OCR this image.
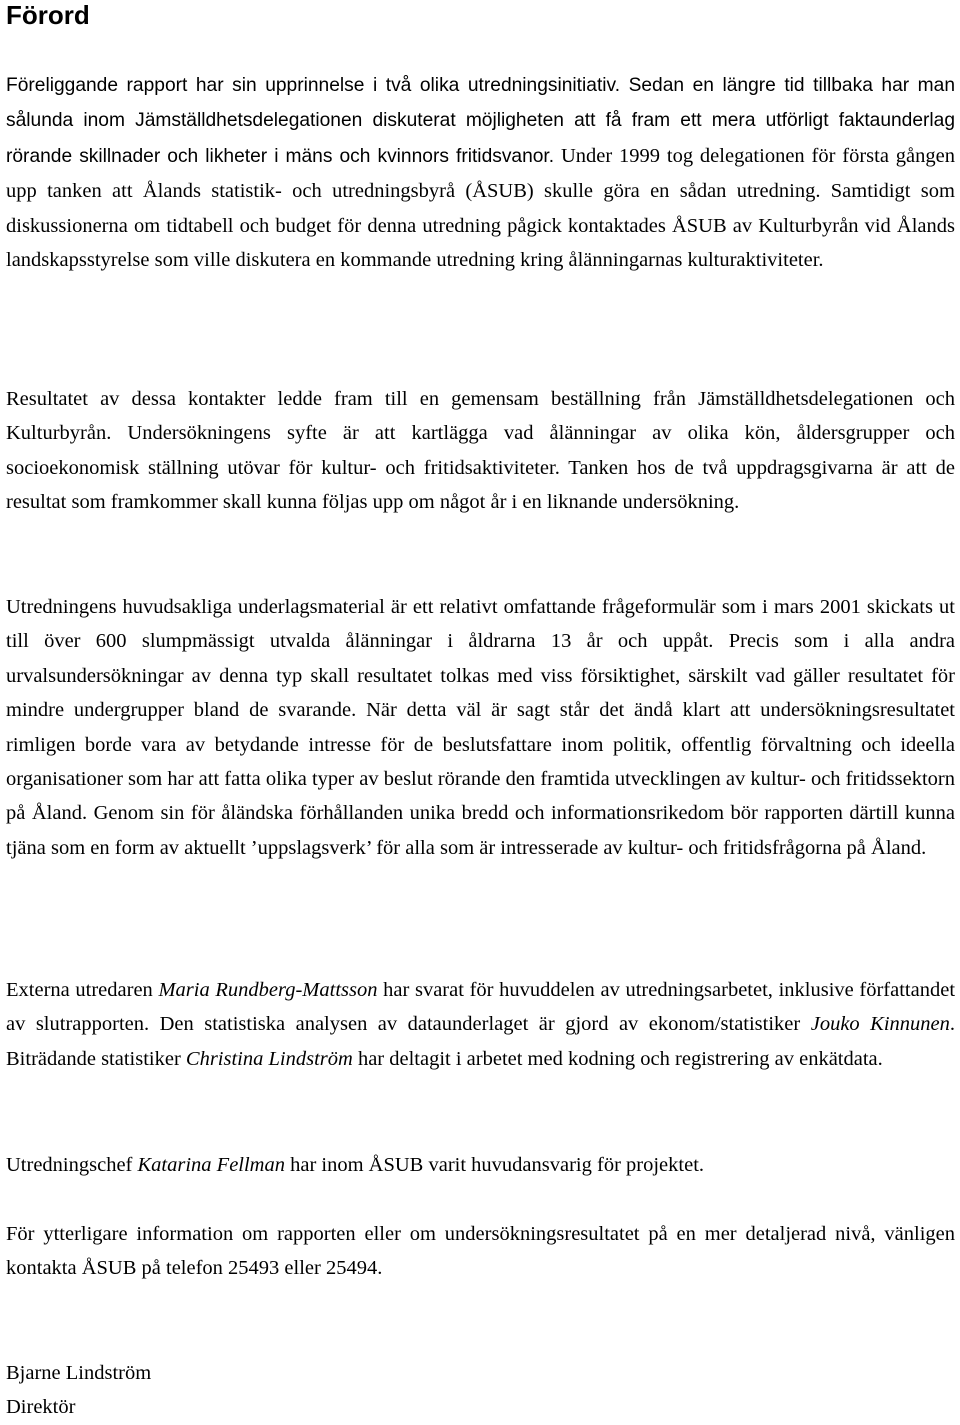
Förord

Föreliggande rapport har sin upprinnelse i två olika utredningsinitiativ. Sedan en längre tid tillbaka har man sålunda inom Jämställdhetsdelegationen diskuterat möjligheten att få fram ett mera utförligt faktaunderlag rörande skillnader och likheter i mäns och kvinnors fritidsvanor. Under 1999 tog delegationen för första gången upp tanken att Ålands statistik- och utredningsbyrå (ÅSUB) skulle göra en sådan utredning. Samtidigt som diskussionerna om tidtabell och budget för denna utredning pågick kontaktades ÅSUB av Kulturbyrån vid Ålands landskapsstyrelse som ville diskutera en kommande utredning kring ålänningarnas kulturaktiviteter.

Resultatet av dessa kontakter ledde fram till en gemensam beställning från Jämställdhetsdelegationen och Kulturbyrån. Undersökningens syfte är att kartlägga vad ålänningar av olika kön, åldersgrupper och socioekonomisk ställning utövar för kultur- och fritidsaktiviteter. Tanken hos de två uppdragsgivarna är att de resultat som framkommer skall kunna följas upp om något år i en liknande undersökning.

Utredningens huvudsakliga underlagsmaterial är ett relativt omfattande frågeformulär som i mars 2001 skickats ut till över 600 slumpmässigt utvalda ålänningar i åldrarna 13 år och uppåt. Precis som i alla andra urvalsundersökningar av denna typ skall resultatet tolkas med viss försiktighet, särskilt vad gäller resultatet för mindre undergrupper bland de svarande. När detta väl är sagt står det ändå klart att undersökningsresultatet rimligen borde vara av betydande intresse för de beslutsfattare inom politik, offentlig förvaltning och ideella organisationer som har att fatta olika typer av beslut rörande den framtida utvecklingen av kultur- och fritidssektorn på Åland. Genom sin för åländska förhållanden unika bredd och informationsrikedom bör rapporten därtill kunna tjäna som en form av aktuellt ’uppslagsverk’ för alla som är intresserade av kultur- och fritidsfrågorna på Åland.

Externa utredaren Maria Rundberg-Mattsson har svarat för huvuddelen av utredningsarbetet, inklusive författandet av slutrapporten. Den statistiska analysen av dataunderlaget är gjord av ekonom/statistiker Jouko Kinnunen. Biträdande statistiker Christina Lindström har deltagit i arbetet med kodning och registrering av enkätdata.

Utredningschef Katarina Fellman har inom ÅSUB varit huvudansvarig för projektet.

För ytterligare information om rapporten eller om undersökningsresultatet på en mer detaljerad nivå, vänligen kontakta ÅSUB på telefon 25493 eller 25494.

Bjarne Lindström
Direktör
